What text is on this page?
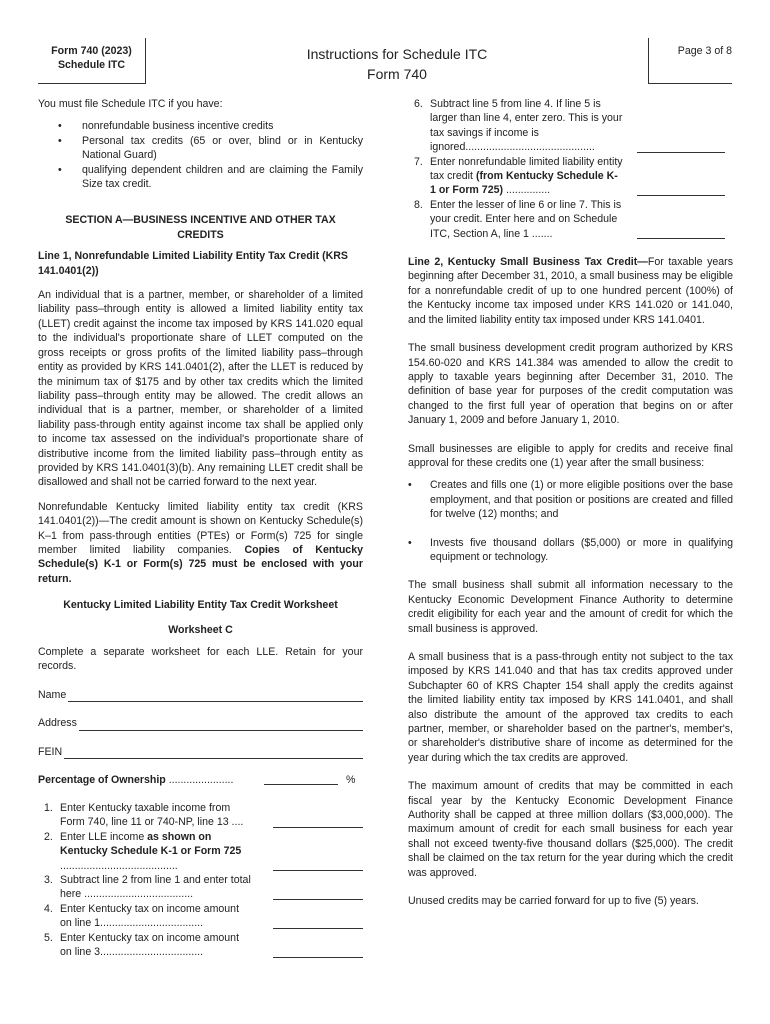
Form 740 (2023)
Schedule ITC
Instructions for Schedule ITC
Form 740
Page 3 of 8

You must file Schedule ITC if you have:

• nonrefundable business incentive credits
• Personal tax credits (65 or over, blind or in Kentucky National Guard)
• qualifying dependent children and are claiming the Family Size tax credit.
SECTION A—BUSINESS INCENTIVE AND OTHER TAX CREDITS

Line 1, Nonrefundable Limited Liability Entity Tax Credit (KRS 141.0401(2))

An individual that is a partner, member, or shareholder of a limited liability pass–through entity is allowed a limited liability entity tax (LLET) credit against the income tax imposed by KRS 141.020 equal to the individual's proportionate share of LLET computed on the gross receipts or gross profits of the limited liability pass–through entity as provided by KRS 141.0401(2), after the LLET is reduced by the minimum tax of $175 and by other tax credits which the limited liability pass–through entity may be allowed. The credit allows an individual that is a partner, member, or shareholder of a limited liability pass-through entity against income tax shall be applied only to income tax assessed on the individual's proportionate share of distributive income from the limited liability pass–through entity as provided by KRS 141.0401(3)(b). Any remaining LLET credit shall be disallowed and shall not be carried forward to the next year.

Nonrefundable Kentucky limited liability entity tax credit (KRS 141.0401(2))—The credit amount is shown on Kentucky Schedule(s) K–1 from pass-through entities (PTEs) or Form(s) 725 for single member limited liability companies. Copies of Kentucky Schedule(s) K-1 or Form(s) 725 must be enclosed with your return.

Kentucky Limited Liability Entity Tax Credit Worksheet
Worksheet C

Complete a separate worksheet for each LLE. Retain for your records.

Name
Address
FEIN
Percentage of Ownership ......................	%
1. Enter Kentucky taxable income from Form 740, line 11 or 740-NP, line 13 ....
2. Enter LLE income as shown on Kentucky Schedule K-1 or Form 725 ........................................
3. Subtract line 2 from line 1 and enter total here .....................................
4. Enter Kentucky tax on income amount on line 1...................................
5. Enter Kentucky tax on income amount on line 3...................................
6. Subtract line 5 from line 4. If line 5 is larger than line 4, enter zero. This is your tax savings if income is ignored............................................
7. Enter nonrefundable limited liability entity tax credit (from Kentucky Schedule K-1 or Form 725) ...............
8. Enter the lesser of line 6 or line 7. This is your credit. Enter here and on Schedule ITC, Section A, line 1 .......

Line 2, Kentucky Small Business Tax Credit—For taxable years beginning after December 31, 2010, a small business may be eligible for a nonrefundable credit of up to one hundred percent (100%) of the Kentucky income tax imposed under KRS 141.020 or 141.040, and the limited liability entity tax imposed under KRS 141.0401.

The small business development credit program authorized by KRS 154.60-020 and KRS 141.384 was amended to allow the credit to apply to taxable years beginning after December 31, 2010. The definition of base year for purposes of the credit computation was changed to the first full year of operation that begins on or after January 1, 2009 and before January 1, 2010.

Small businesses are eligible to apply for credits and receive final approval for these credits one (1) year after the small business:

• Creates and fills one (1) or more eligible positions over the base employment, and that position or positions are created and filled for twelve (12) months; and
• Invests five thousand dollars ($5,000) or more in qualifying equipment or technology.

The small business shall submit all information necessary to the Kentucky Economic Development Finance Authority to determine credit eligibility for each year and the amount of credit for which the small business is approved.

A small business that is a pass-through entity not subject to the tax imposed by KRS 141.040 and that has tax credits approved under Subchapter 60 of KRS Chapter 154 shall apply the credits against the limited liability entity tax imposed by KRS 141.0401, and shall also distribute the amount of the approved tax credits to each partner, member, or shareholder based on the partner's, member's, or shareholder's distributive share of income as determined for the year during which the tax credits are approved.

The maximum amount of credits that may be committed in each fiscal year by the Kentucky Economic Development Finance Authority shall be capped at three million dollars ($3,000,000). The maximum amount of credit for each small business for each year shall not exceed twenty-five thousand dollars ($25,000). The credit shall be claimed on the tax return for the year during which the credit was approved.

Unused credits may be carried forward for up to five (5) years.
